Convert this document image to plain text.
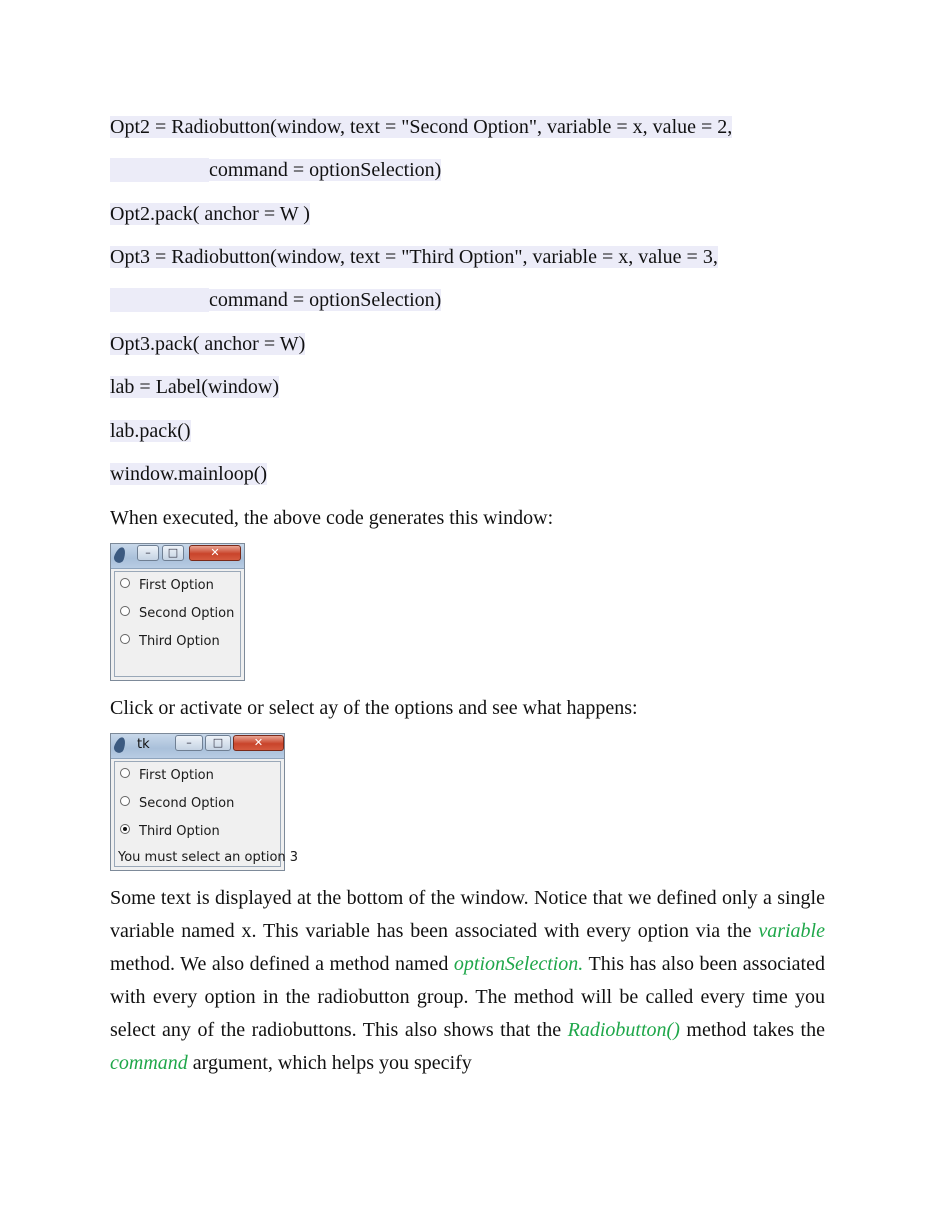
Opt2 = Radiobutton(window, text = "Second Option", variable = x, value = 2,
command = optionSelection)
Opt2.pack( anchor = W )
Opt3 = Radiobutton(window, text = "Third Option", variable = x, value = 3,
command = optionSelection)
Opt3.pack( anchor = W)
lab = Label(window)
lab.pack()
window.mainloop()
When executed, the above code generates this window:
–	□	✕
First Option
Second Option
Third Option
Click or activate or select ay of the options and see what happens:
tk	–	□	✕
First Option
Second Option
Third Option
You must select an option 3
Some text is displayed at the bottom of the window. Notice that we defined only a single variable named x. This variable has been associated with every option via the variable method. We also defined a method named optionSelection. This has also been associated with every option in the radiobutton group. The method will be called every time you select any of the radiobuttons. This also shows that the Radiobutton() method takes the command argument, which helps you specify
